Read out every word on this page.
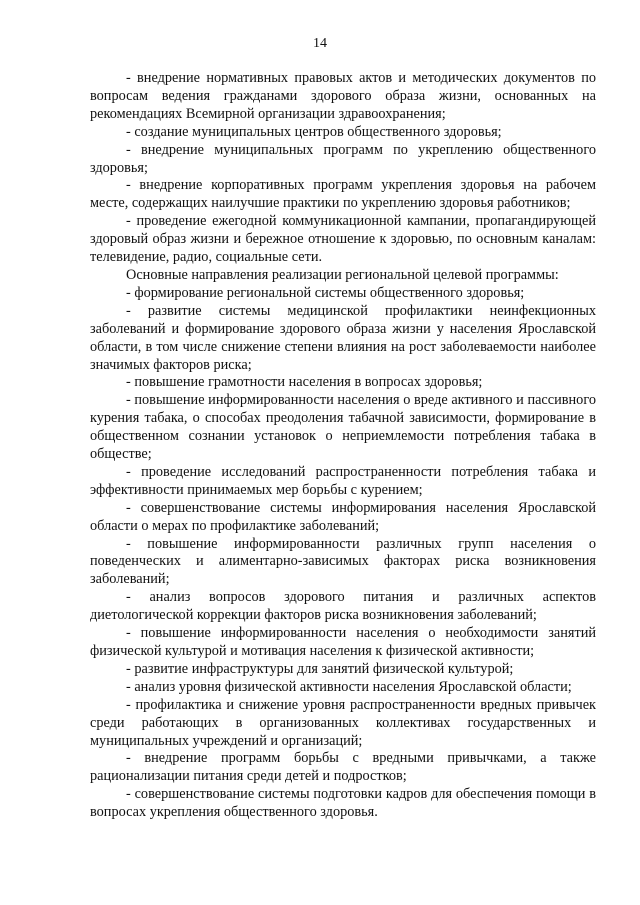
14

- внедрение нормативных правовых актов и методических документов по вопросам ведения гражданами здорового образа жизни, основанных на рекомендациях Всемирной организации здравоохранения;

- создание муниципальных центров общественного здоровья;

- внедрение муниципальных программ по укреплению общественного здоровья;

- внедрение корпоративных программ укрепления здоровья на рабочем месте, содержащих наилучшие практики по укреплению здоровья работников;

- проведение ежегодной коммуникационной кампании, пропагандирующей здоровый образ жизни и бережное отношение к здоровью, по основным каналам: телевидение, радио, социальные сети.

Основные направления реализации региональной целевой программы:

- формирование региональной системы общественного здоровья;

- развитие системы медицинской профилактики неинфекционных заболеваний и формирование здорового образа жизни у населения Ярославской области, в том числе снижение степени влияния на рост заболеваемости наиболее значимых факторов риска;

- повышение грамотности населения в вопросах здоровья;

- повышение информированности населения о вреде активного и пассивного курения табака, о способах преодоления табачной зависимости, формирование в общественном сознании установок о неприемлемости потребления табака в обществе;

- проведение исследований распространенности потребления табака и эффективности принимаемых мер борьбы с курением;

- совершенствование системы информирования населения Ярославской области о мерах по профилактике заболеваний;

- повышение информированности различных групп населения о поведенческих и алиментарно-зависимых факторах риска возникновения заболеваний;

- анализ вопросов здорового питания и различных аспектов диетологической коррекции факторов риска возникновения заболеваний;

- повышение информированности населения о необходимости занятий физической культурой и мотивация населения к физической активности;

- развитие инфраструктуры для занятий физической культурой;

- анализ уровня физической активности населения Ярославской области;

- профилактика и снижение уровня распространенности вредных привычек среди работающих в организованных коллективах государственных и муниципальных учреждений и организаций;

- внедрение программ борьбы с вредными привычками, а также рационализации питания среди детей и подростков;

- совершенствование системы подготовки кадров для обеспечения помощи в вопросах укрепления общественного здоровья.
